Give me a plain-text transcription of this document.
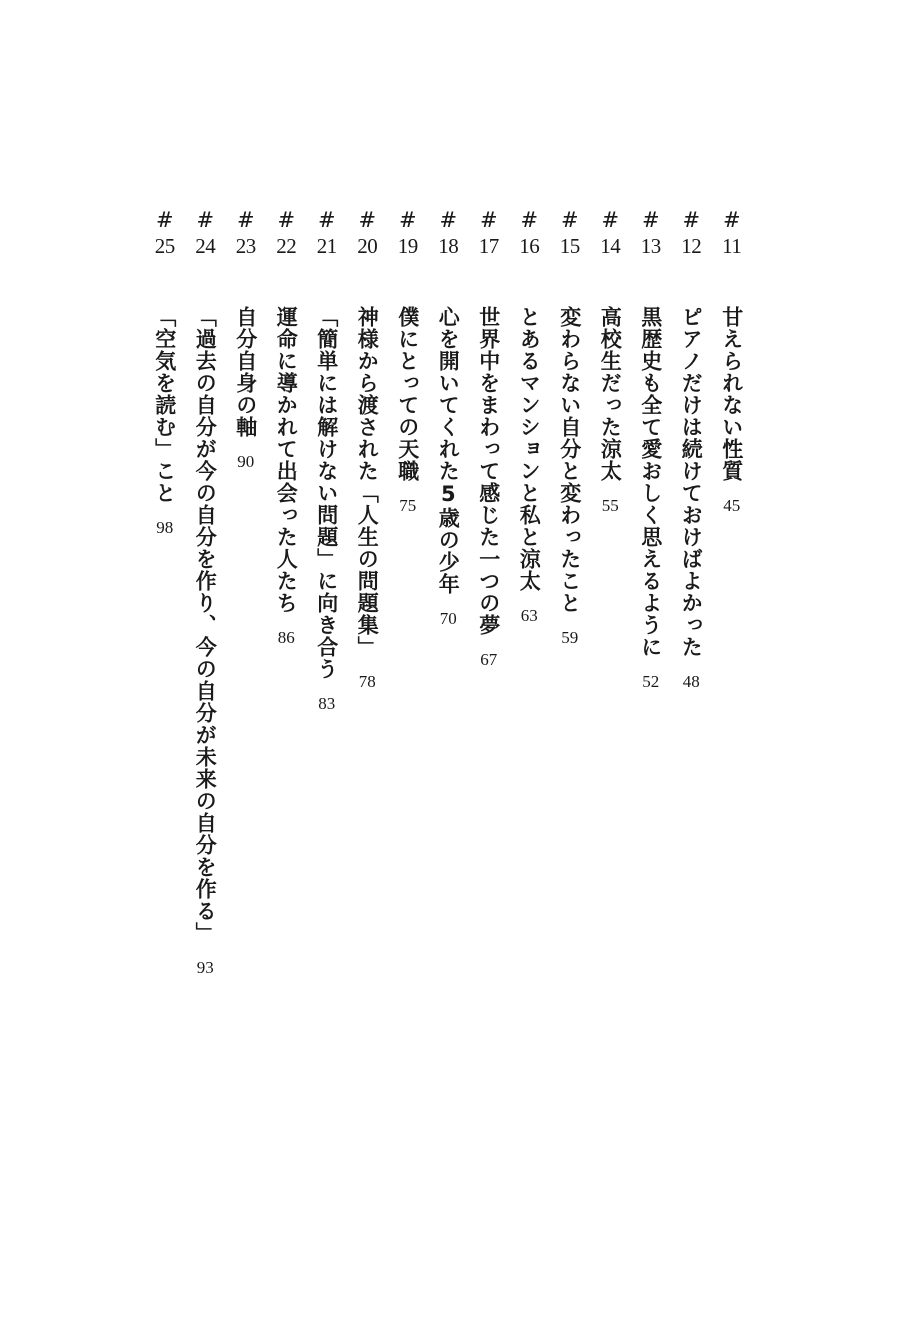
#
11
甘えられない性質
45
#
12
ピアノだけは続けておけばよかった
48
#
13
黒歴史も全て愛おしく思えるように
52
#
14
高校生だった涼太
55
#
15
変わらない自分と変わったこと
59
#
16
とあるマンションと私と涼太
63
#
17
世界中をまわって感じた一つの夢
67
#
18
心を開いてくれた5歳の少年
70
#
19
僕にとっての天職
75
#
20
神様から渡された「人生の問題集」
78
#
21
「簡単には解けない問題」に向き合う
83
#
22
運命に導かれて出会った人たち
86
#
23
自分自身の軸
90
#
24
「過去の自分が今の自分を作り、今の自分が未来の自分を作る」
93
#
25
「空気を読む」こと
98
